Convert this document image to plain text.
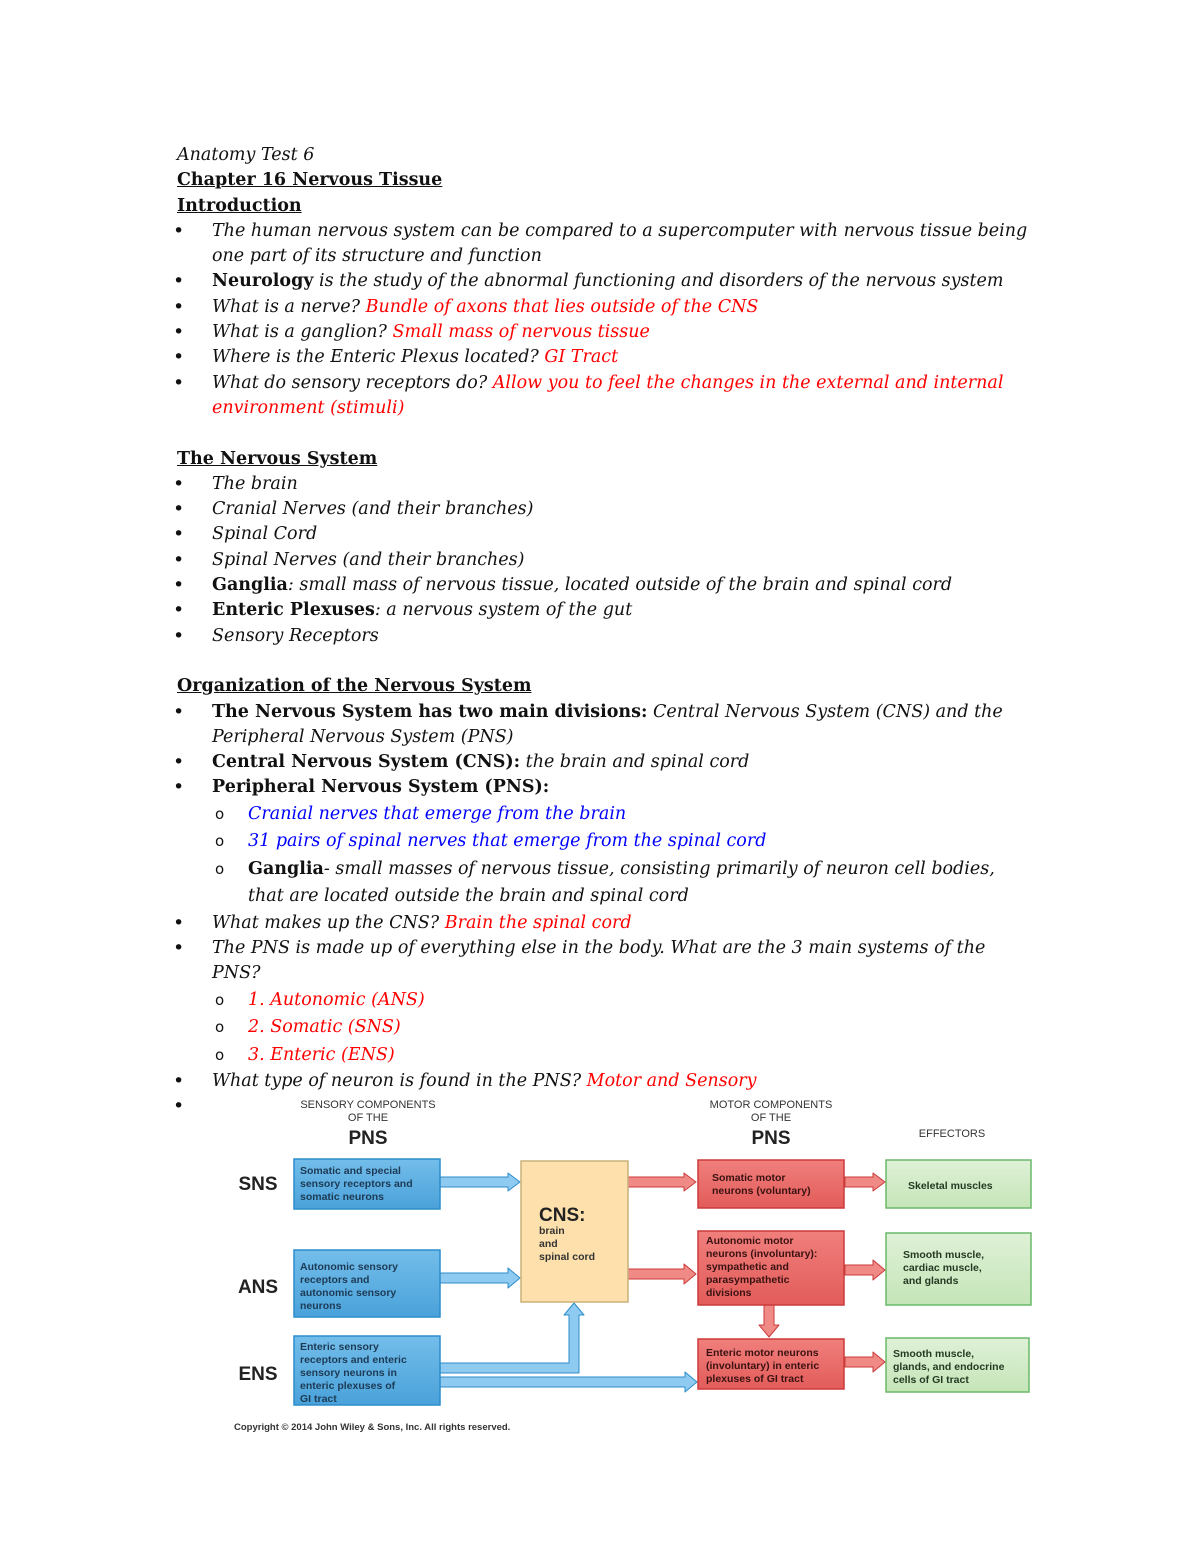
Anatomy Test 6
Chapter 16 Nervous Tissue
Introduction
• The human nervous system can be compared to a supercomputer with nervous tissue being one part of its structure and function
• Neurology is the study of the abnormal functioning and disorders of the nervous system
• What is a nerve? Bundle of axons that lies outside of the CNS
• What is a ganglion? Small mass of nervous tissue
• Where is the Enteric Plexus located? GI Tract
• What do sensory receptors do? Allow you to feel the changes in the external and internal environment (stimuli)
The Nervous System
• The brain
• Cranial Nerves (and their branches)
• Spinal Cord
• Spinal Nerves (and their branches)
• Ganglia: small mass of nervous tissue, located outside of the brain and spinal cord
• Enteric Plexuses: a nervous system of the gut
• Sensory Receptors
Organization of the Nervous System
• The Nervous System has two main divisions: Central Nervous System (CNS) and the Peripheral Nervous System (PNS)
• Central Nervous System (CNS): the brain and spinal cord
• Peripheral Nervous System (PNS):
o Cranial nerves that emerge from the brain
o 31 pairs of spinal nerves that emerge from the spinal cord
o Ganglia- small masses of nervous tissue, consisting primarily of neuron cell bodies, that are located outside the brain and spinal cord
• What makes up the CNS? Brain the spinal cord
• The PNS is made up of everything else in the body. What are the 3 main systems of the PNS?
o 1. Autonomic (ANS)
o 2. Somatic (SNS)
o 3. Enteric (ENS)
• What type of neuron is found in the PNS? Motor and Sensory
•
SENSORY COMPONENTS
OF THE
PNS
MOTOR COMPONENTS
OF THE
PNS	EFFECTORS
SNS
ANS
ENS
Somatic and special
sensory receptors and
somatic neurons
Autonomic sensory
receptors and
autonomic sensory
neurons
Enteric sensory
receptors and enteric
sensory neurons in
enteric plexuses of
GI tract
CNS:
brain
and
spinal cord
Somatic motor
neurons (voluntary)
Autonomic motor
neurons (involuntary):
sympathetic and
parasympathetic
divisions
Enteric motor neurons
(involuntary) in enteric
plexuses of GI tract
Skeletal muscles
Smooth muscle,
cardiac muscle,
and glands
Smooth muscle,
glands, and endocrine
cells of GI tract
Copyright © 2014 John Wiley & Sons, Inc. All rights reserved.
